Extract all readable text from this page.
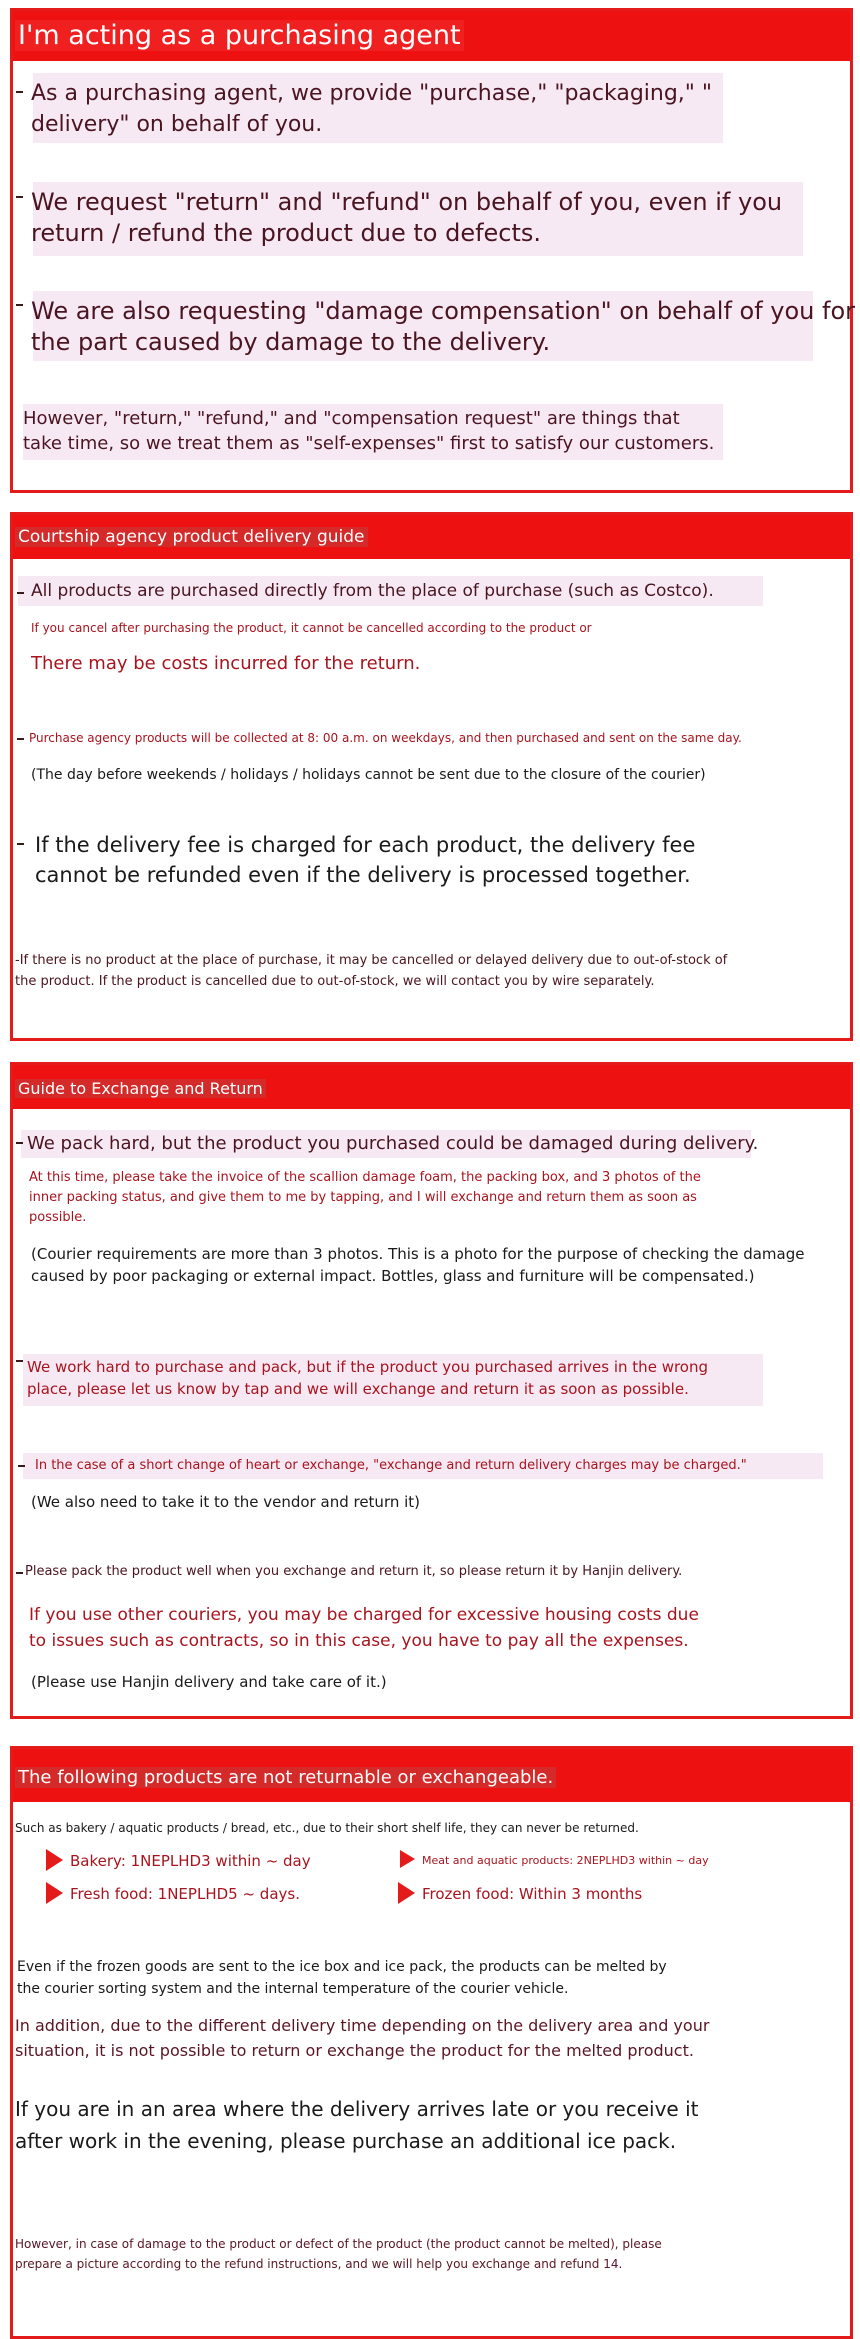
I'm acting as a purchasing agent
As a purchasing agent, we provide "purchase," "packaging," "
delivery" on behalf of you.
We request "return" and "refund" on behalf of you, even if you
return / refund the product due to defects.
We are also requesting "damage compensation" on behalf of you for
the part caused by damage to the delivery.
However, "return," "refund," and "compensation request" are things that
take time, so we treat them as "self-expenses" first to satisfy our customers.
Courtship agency product delivery guide
All products are purchased directly from the place of purchase (such as Costco).
If you cancel after purchasing the product, it cannot be cancelled according to the product or
There may be costs incurred for the return.
Purchase agency products will be collected at 8: 00 a.m. on weekdays, and then purchased and sent on the same day.
(The day before weekends / holidays / holidays cannot be sent due to the closure of the courier)
If the delivery fee is charged for each product, the delivery fee
cannot be refunded even if the delivery is processed together.
-If there is no product at the place of purchase, it may be cancelled or delayed delivery due to out-of-stock of
the product. If the product is cancelled due to out-of-stock, we will contact you by wire separately.
Guide to Exchange and Return
We pack hard, but the product you purchased could be damaged during delivery.
At this time, please take the invoice of the scallion damage foam, the packing box, and 3 photos of the
inner packing status, and give them to me by tapping, and I will exchange and return them as soon as
possible.
(Courier requirements are more than 3 photos. This is a photo for the purpose of checking the damage
caused by poor packaging or external impact. Bottles, glass and furniture will be compensated.)
We work hard to purchase and pack, but if the product you purchased arrives in the wrong
place, please let us know by tap and we will exchange and return it as soon as possible.
In the case of a short change of heart or exchange, "exchange and return delivery charges may be charged."
(We also need to take it to the vendor and return it)
Please pack the product well when you exchange and return it, so please return it by Hanjin delivery.
If you use other couriers, you may be charged for excessive housing costs due
to issues such as contracts, so in this case, you have to pay all the expenses.
(Please use Hanjin delivery and take care of it.)
The following products are not returnable or exchangeable.
Such as bakery / aquatic products / bread, etc., due to their short shelf life, they can never be returned.
Bakery: 1NEPLHD3 within ~ day	Meat and aquatic products: 2NEPLHD3 within ~ day
Fresh food: 1NEPLHD5 ~ days.	Frozen food: Within 3 months
Even if the frozen goods are sent to the ice box and ice pack, the products can be melted by
the courier sorting system and the internal temperature of the courier vehicle.
In addition, due to the different delivery time depending on the delivery area and your
situation, it is not possible to return or exchange the product for the melted product.
If you are in an area where the delivery arrives late or you receive it
after work in the evening, please purchase an additional ice pack.
However, in case of damage to the product or defect of the product (the product cannot be melted), please
prepare a picture according to the refund instructions, and we will help you exchange and refund 14.
